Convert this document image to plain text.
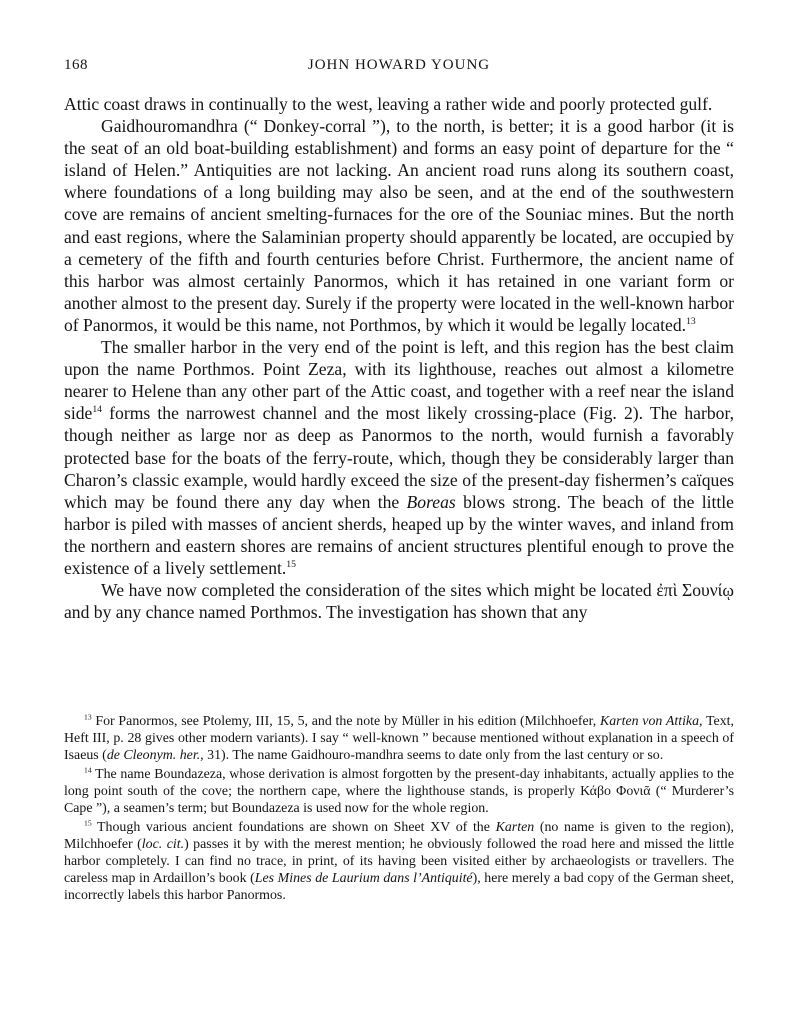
168	JOHN HOWARD YOUNG

Attic coast draws in continually to the west, leaving a rather wide and poorly protected gulf.

Gaidhouromandhra (“ Donkey-corral ”), to the north, is better; it is a good harbor (it is the seat of an old boat-building establishment) and forms an easy point of departure for the “ island of Helen.” Antiquities are not lacking. An ancient road runs along its southern coast, where foundations of a long building may also be seen, and at the end of the southwestern cove are remains of ancient smelting-furnaces for the ore of the Souniac mines. But the north and east regions, where the Salaminian property should apparently be located, are occupied by a cemetery of the fifth and fourth centuries before Christ. Furthermore, the ancient name of this harbor was almost certainly Panormos, which it has retained in one variant form or another almost to the present day. Surely if the property were located in the well-known harbor of Panormos, it would be this name, not Porthmos, by which it would be legally located.$^{13}$

The smaller harbor in the very end of the point is left, and this region has the best claim upon the name Porthmos. Point Zeza, with its lighthouse, reaches out almost a kilometre nearer to Helene than any other part of the Attic coast, and together with a reef near the island side$^{14}$ forms the narrowest channel and the most likely crossing-place (Fig. 2). The harbor, though neither as large nor as deep as Panormos to the north, would furnish a favorably protected base for the boats of the ferry-route, which, though they be considerably larger than Charon’s classic example, would hardly exceed the size of the present-day fishermen’s caïques which may be found there any day when the Boreas blows strong. The beach of the little harbor is piled with masses of ancient sherds, heaped up by the winter waves, and inland from the northern and eastern shores are remains of ancient structures plentiful enough to prove the existence of a lively settlement.$^{15}$

We have now completed the consideration of the sites which might be located ἐπὶ Σουνίῳ and by any chance named Porthmos. The investigation has shown that any

$^{13}$ For Panormos, see Ptolemy, III, 15, 5, and the note by Müller in his edition (Milchhoefer, Karten von Attika, Text, Heft III, p. 28 gives other modern variants). I say “ well-known ” because mentioned without explanation in a speech of Isaeus (de Cleonym. her., 31). The name Gaidhouro-mandhra seems to date only from the last century or so.

$^{14}$ The name Boundazeza, whose derivation is almost forgotten by the present-day inhabitants, actually applies to the long point south of the cove; the northern cape, where the lighthouse stands, is properly Κάβο Φονιᾶ (“ Murderer’s Cape ”), a seamen’s term; but Boundazeza is used now for the whole region.

$^{15}$ Though various ancient foundations are shown on Sheet XV of the Karten (no name is given to the region), Milchhoefer (loc. cit.) passes it by with the merest mention; he obviously followed the road here and missed the little harbor completely. I can find no trace, in print, of its having been visited either by archaeologists or travellers. The careless map in Ardaillon’s book (Les Mines de Laurium dans l’Antiquité), here merely a bad copy of the German sheet, incorrectly labels this harbor Panormos.
